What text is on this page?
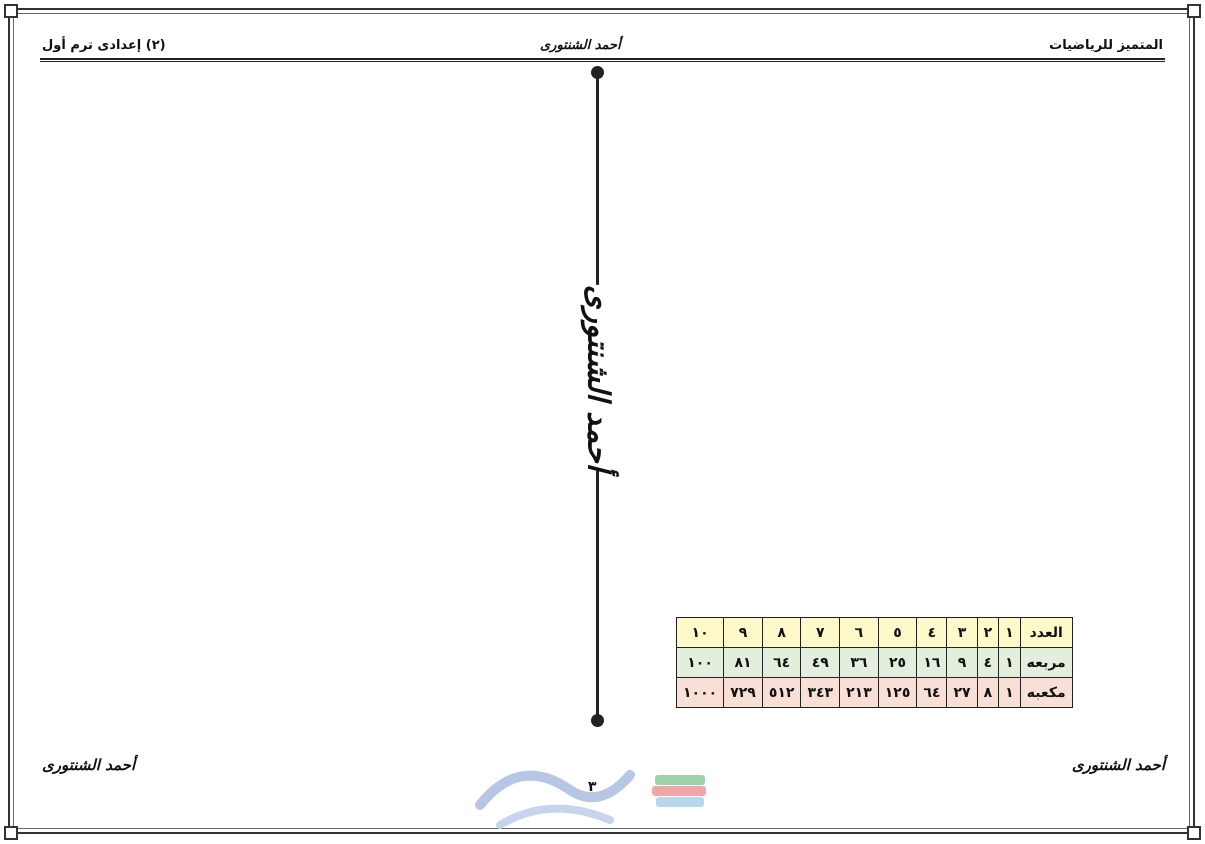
(٢) إعدادى ترم أول	أحمد الشنتورى	المتميز للرياضيات
العدد	١	٢	٣	٤	٥	٦	٧	٨	٩	١٠
مربعه	١	٤	٩	١٦	٢٥	٣٦	٤٩	٦٤	٨١	١٠٠
مكعبه	١	٨	٢٧	٦٤	١٢٥	٢١٣	٣٤٣	٥١٢	٧٢٩	١٠٠٠
أحمد الشنتورى
أحمد الشنتورى	أحمد الشنتورى
٣
